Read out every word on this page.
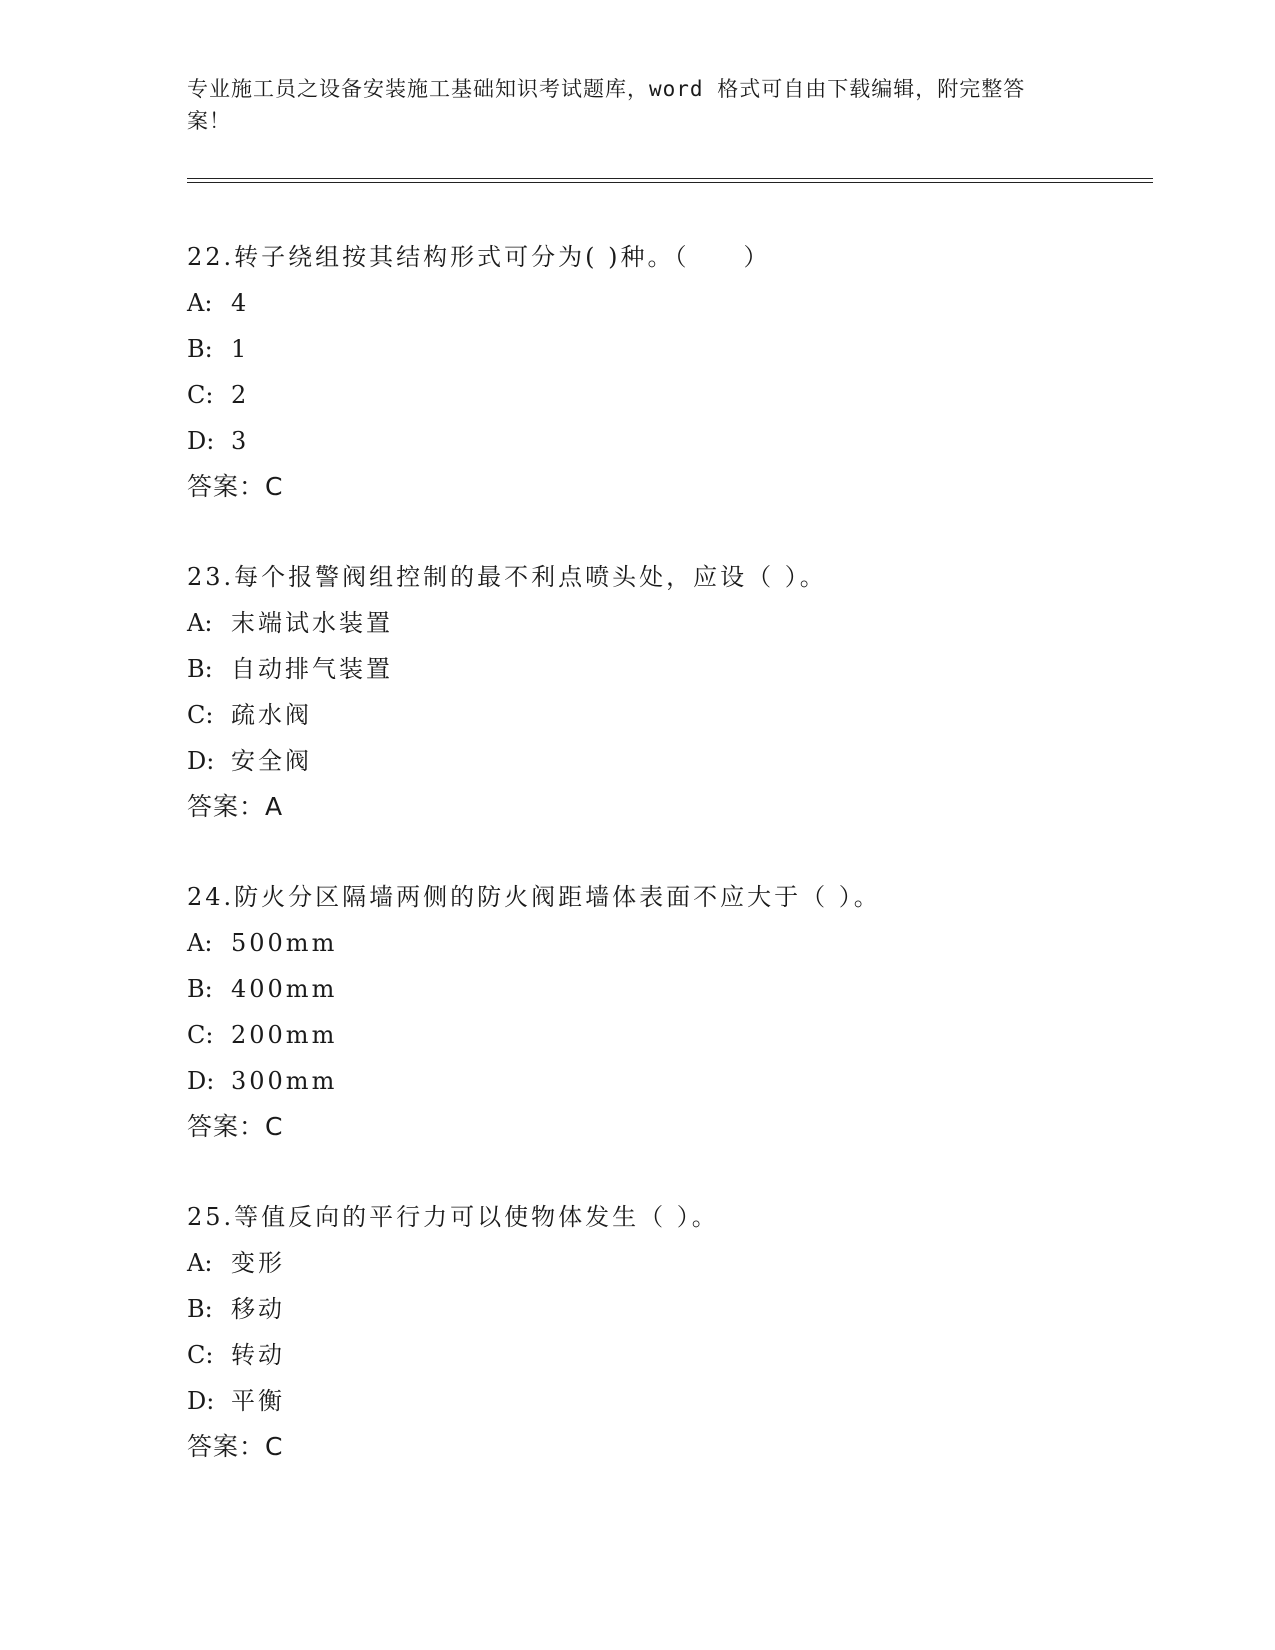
专业施工员之设备安装施工基础知识考试题库，word 格式可自由下载编辑，附完整答案！
22.转子绕组按其结构形式可分为( )种。（　　）
A: 4
B: 1
C: 2
D: 3
答案：C
23.每个报警阀组控制的最不利点喷头处，应设（ ）。
A: 末端试水装置
B: 自动排气装置
C: 疏水阀
D: 安全阀
答案：A
24.防火分区隔墙两侧的防火阀距墙体表面不应大于（ ）。
A: 500mm
B: 400mm
C: 200mm
D: 300mm
答案：C
25.等值反向的平行力可以使物体发生（ ）。
A: 变形
B: 移动
C: 转动
D: 平衡
答案：C
